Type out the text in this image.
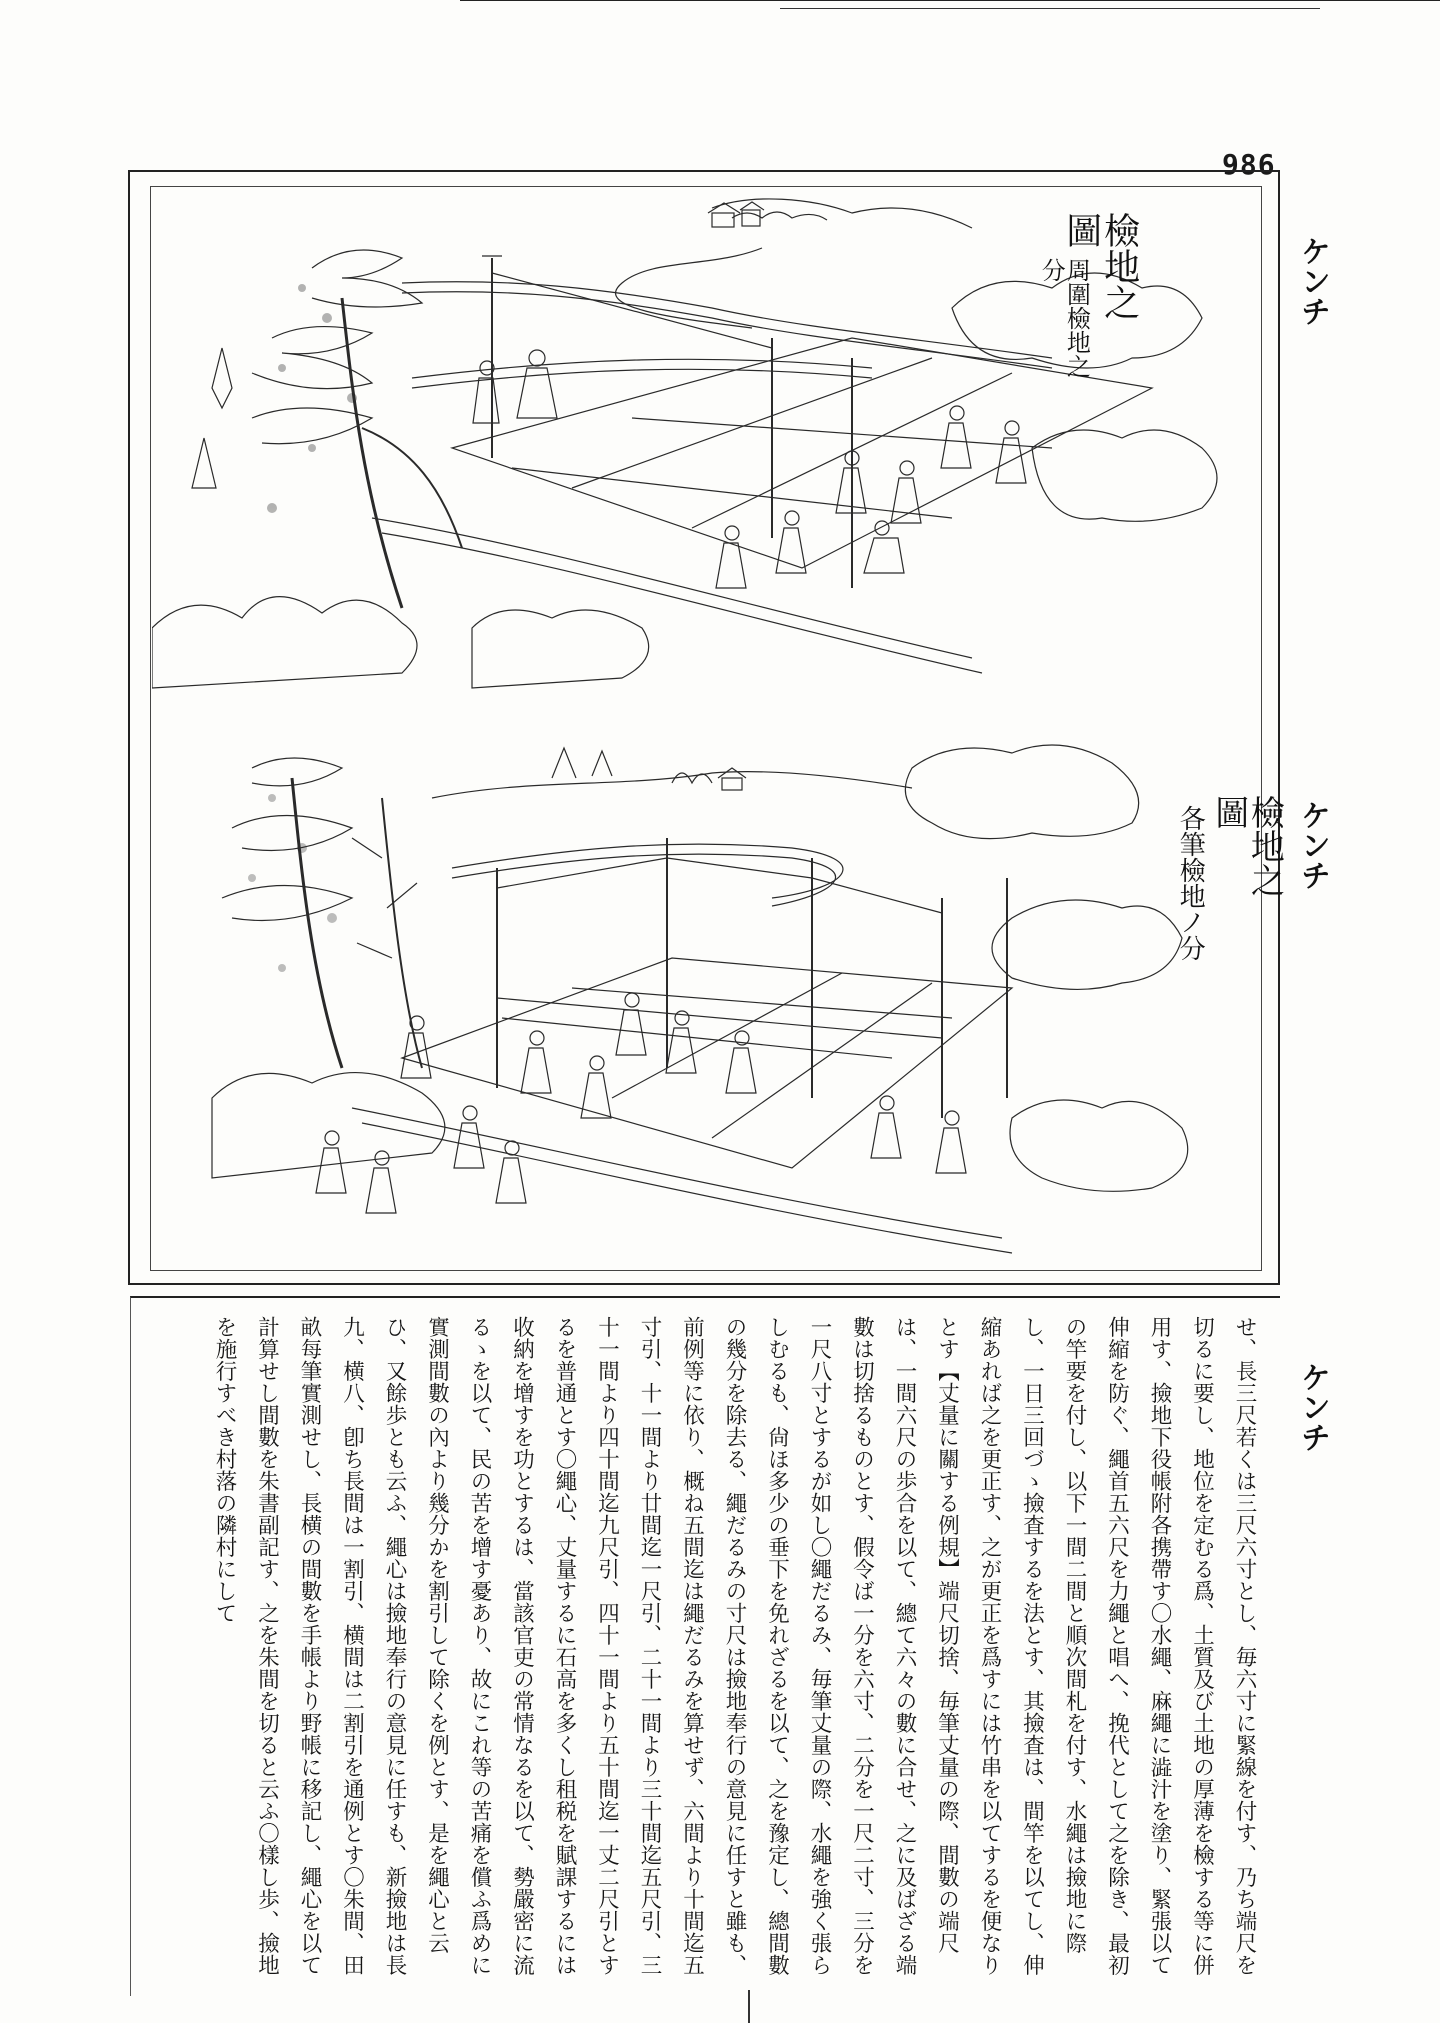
986
檢地之圖
周圍檢地之分
檢地之圖
各筆檢地ノ分
ケンチ
ケンチ
ケンチ

せ、長三尺若くは三尺六寸とし、毎六寸に緊線を付す、乃ち端尺を切るに要し、地位を定むる爲、土質及び土地の厚薄を檢する等に併用す、撿地下役帳附各携帶す〇水繩、麻繩に澁汁を塗り、緊張以て伸縮を防ぐ、繩首五六尺を力繩と唱へ、挽代として之を除き、最初の竿要を付し、以下一間二間と順次間札を付す、水繩は撿地に際し、一日三回づゝ撿査するを法とす、其撿査は、間竿を以てし、伸縮あれば之を更正す、之が更正を爲すには竹串を以てするを便なりとす【丈量に關する例規】端尺切捨、毎筆丈量の際、間數の端尺は、一間六尺の歩合を以て、總て六々の數に合せ、之に及ばざる端數は切捨るものとす、假令ば一分を六寸、二分を一尺二寸、三分を一尺八寸とするが如し〇繩だるみ、毎筆丈量の際、水繩を強く張らしむるも、尙ほ多少の垂下を免れざるを以て、之を豫定し、總間數の幾分を除去る、繩だるみの寸尺は撿地奉行の意見に任すと雖も、前例等に依り、概ね五間迄は繩だるみを算せず、六間より十間迄五寸引、十一間より廿間迄一尺引、二十一間より三十間迄五尺引、三十一間より四十間迄九尺引、四十一間より五十間迄一丈二尺引とするを普通とす〇繩心、丈量するに石高を多くし租税を賦課するには收納を增すを功とするは、當該官吏の常情なるを以て、勢嚴密に流るゝを以て、民の苦を增す憂あり、故にこれ等の苦痛を償ふ爲めに實測間數の內より幾分かを割引して除くを例とす、是を繩心と云ひ、又餘歩とも云ふ、繩心は撿地奉行の意見に任すも、新撿地は長九、横八、卽ち長間は一割引、横間は二割引を通例とす〇朱間、田畝每筆實測せし、長横の間數を手帳より野帳に移記し、繩心を以て計算せし間數を朱書副記す、之を朱間を切ると云ふ〇樣し歩、撿地を施行すべき村落の隣村にして
